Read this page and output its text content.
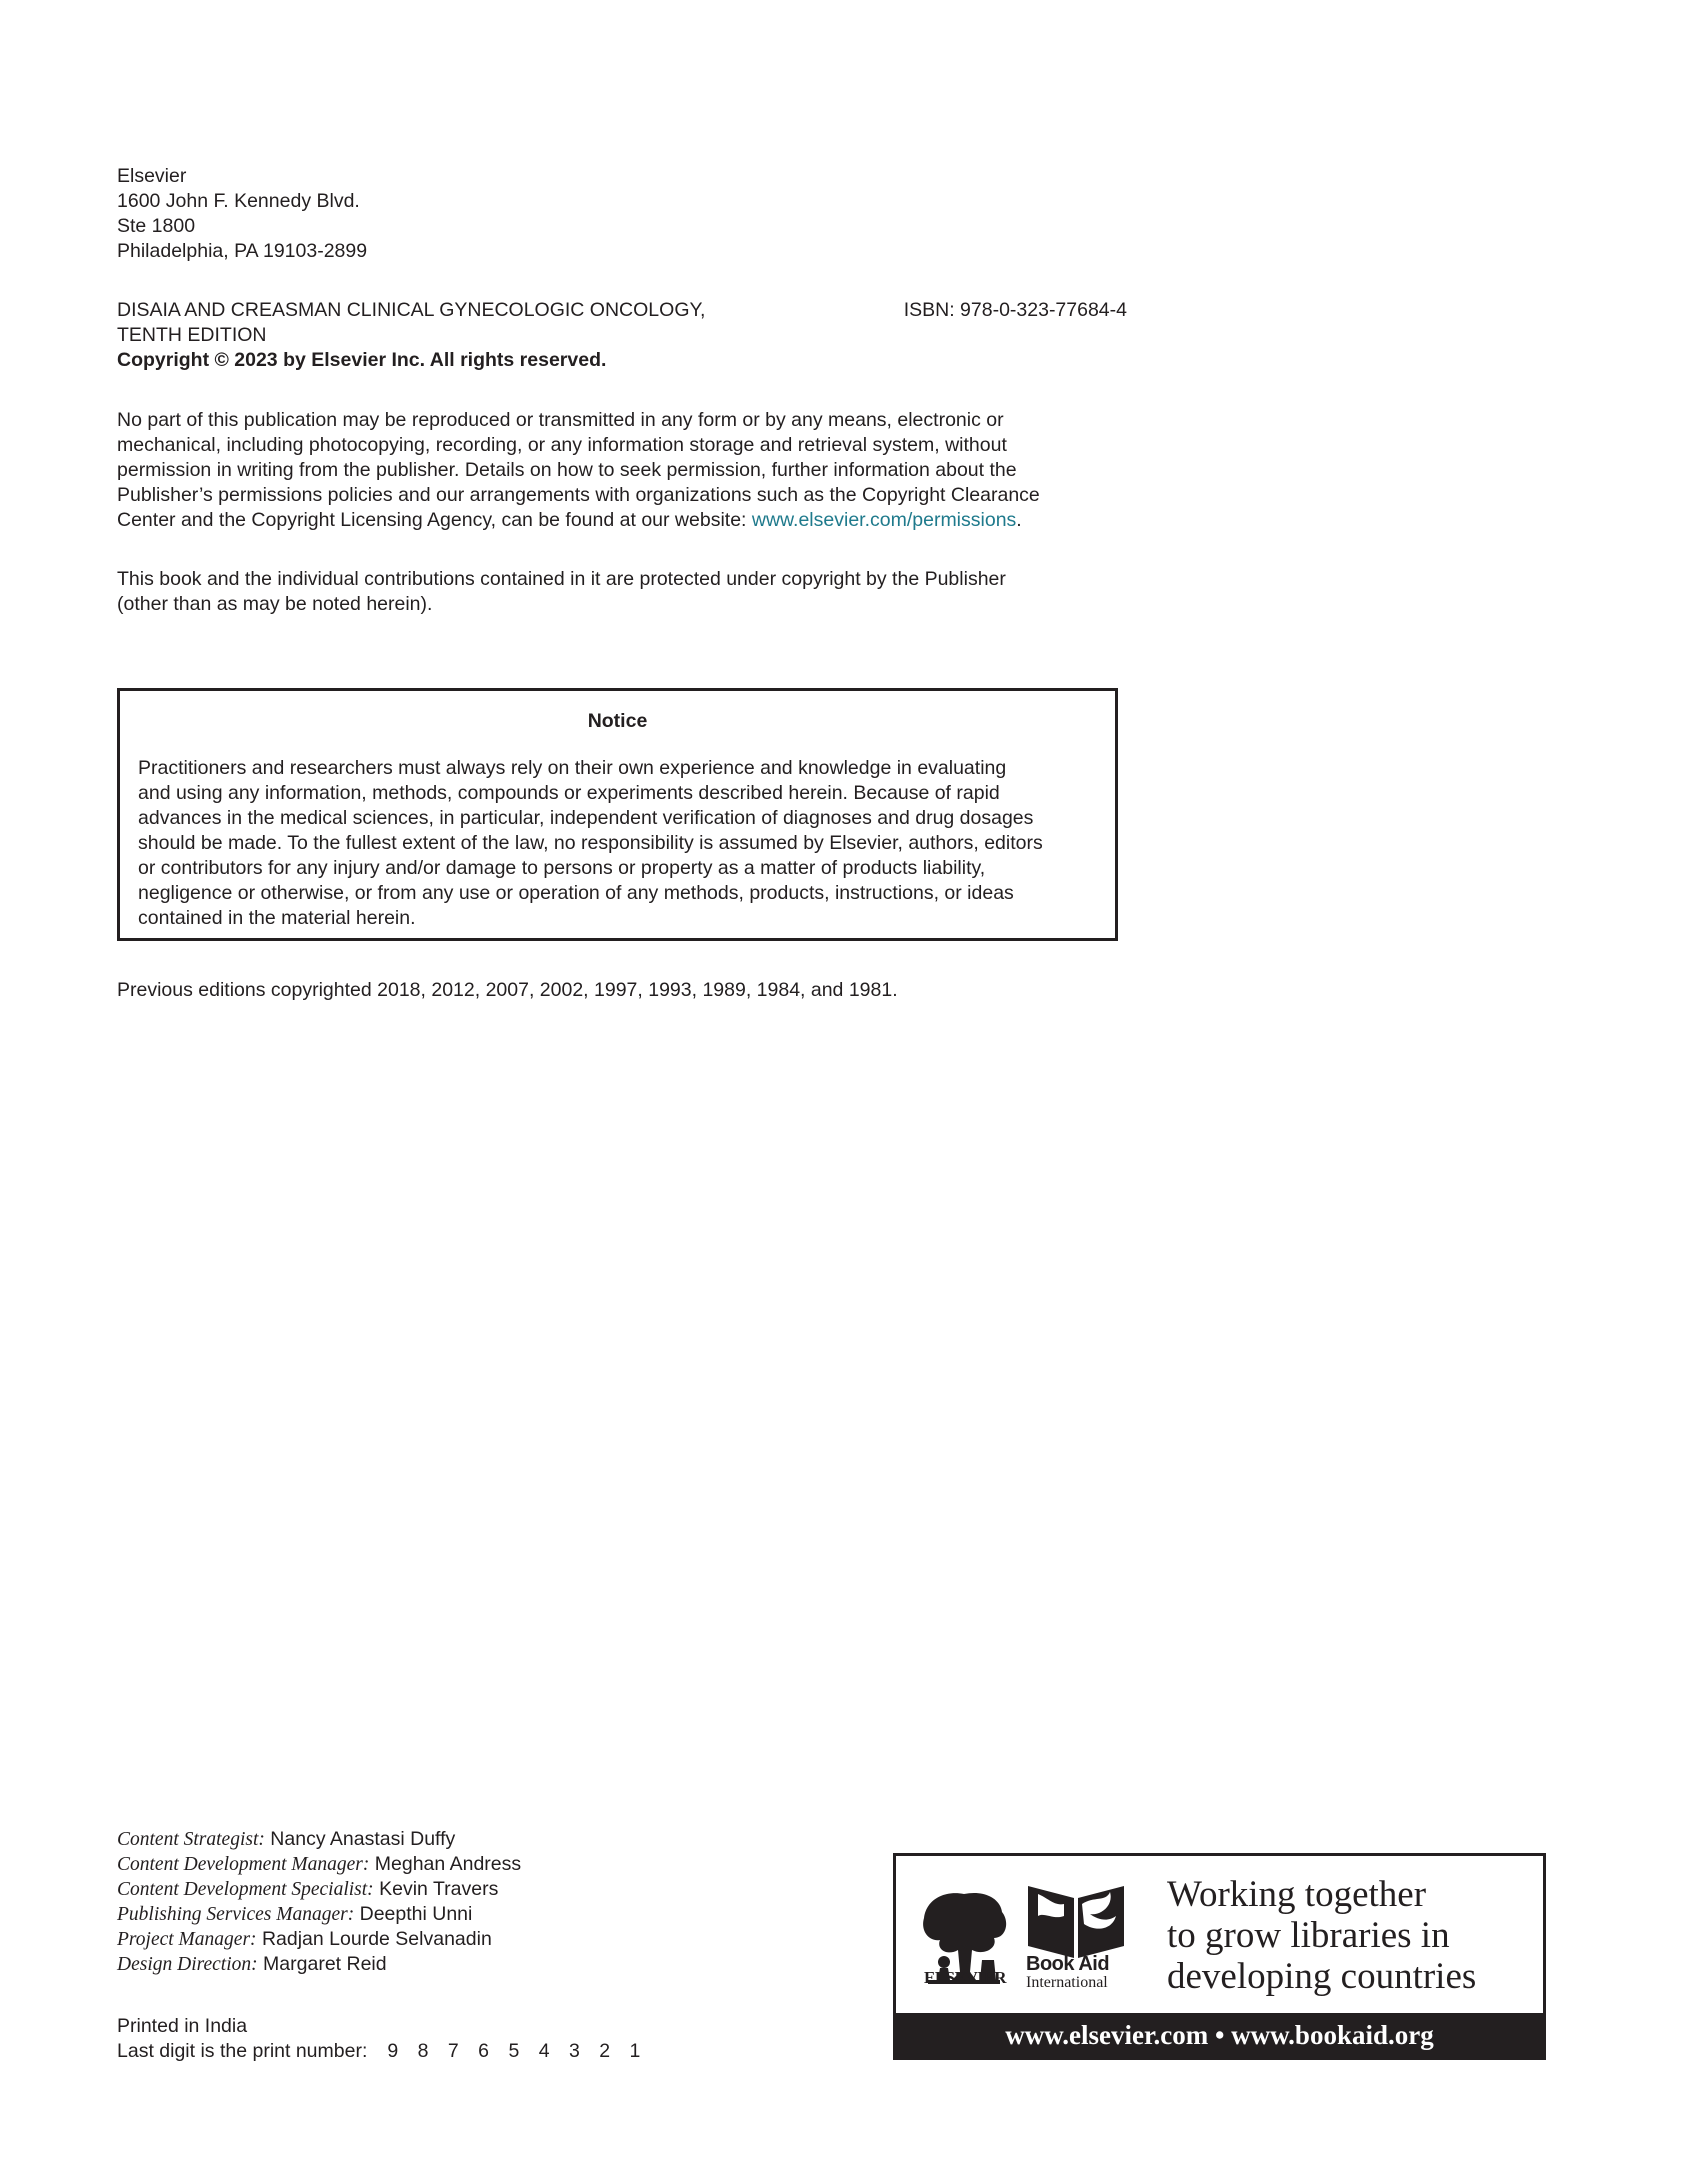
Elsevier
1600 John F. Kennedy Blvd.
Ste 1800
Philadelphia, PA 19103-2899
DISAIA AND CREASMAN CLINICAL GYNECOLOGIC ONCOLOGY,
TENTH EDITION
Copyright © 2023 by Elsevier Inc. All rights reserved.
ISBN: 978-0-323-77684-4
No part of this publication may be reproduced or transmitted in any form or by any means, electronic or
mechanical, including photocopying, recording, or any information storage and retrieval system, without
permission in writing from the publisher. Details on how to seek permission, further information about the
Publisher’s permissions policies and our arrangements with organizations such as the Copyright Clearance
Center and the Copyright Licensing Agency, can be found at our website: www.elsevier.com/permissions.
This book and the individual contributions contained in it are protected under copyright by the Publisher
(other than as may be noted herein).
Notice
Practitioners and researchers must always rely on their own experience and knowledge in evaluating
and using any information, methods, compounds or experiments described herein. Because of rapid
advances in the medical sciences, in particular, independent verification of diagnoses and drug dosages
should be made. To the fullest extent of the law, no responsibility is assumed by Elsevier, authors, editors
or contributors for any injury and/or damage to persons or property as a matter of products liability,
negligence or otherwise, or from any use or operation of any methods, products, instructions, or ideas
contained in the material herein.
Previous editions copyrighted 2018, 2012, 2007, 2002, 1997, 1993, 1989, 1984, and 1981.
Content Strategist: Nancy Anastasi Duffy
Content Development Manager: Meghan Andress
Content Development Specialist: Kevin Travers
Publishing Services Manager: Deepthi Unni
Project Manager: Radjan Lourde Selvanadin
Design Direction: Margaret Reid
Printed in India
Last digit is the print number: 9 8 7 6 5 4 3 2 1
ELSEVIER
Book Aid
International
Working together
to grow libraries in
developing countries
www.elsevier.com • www.bookaid.org
